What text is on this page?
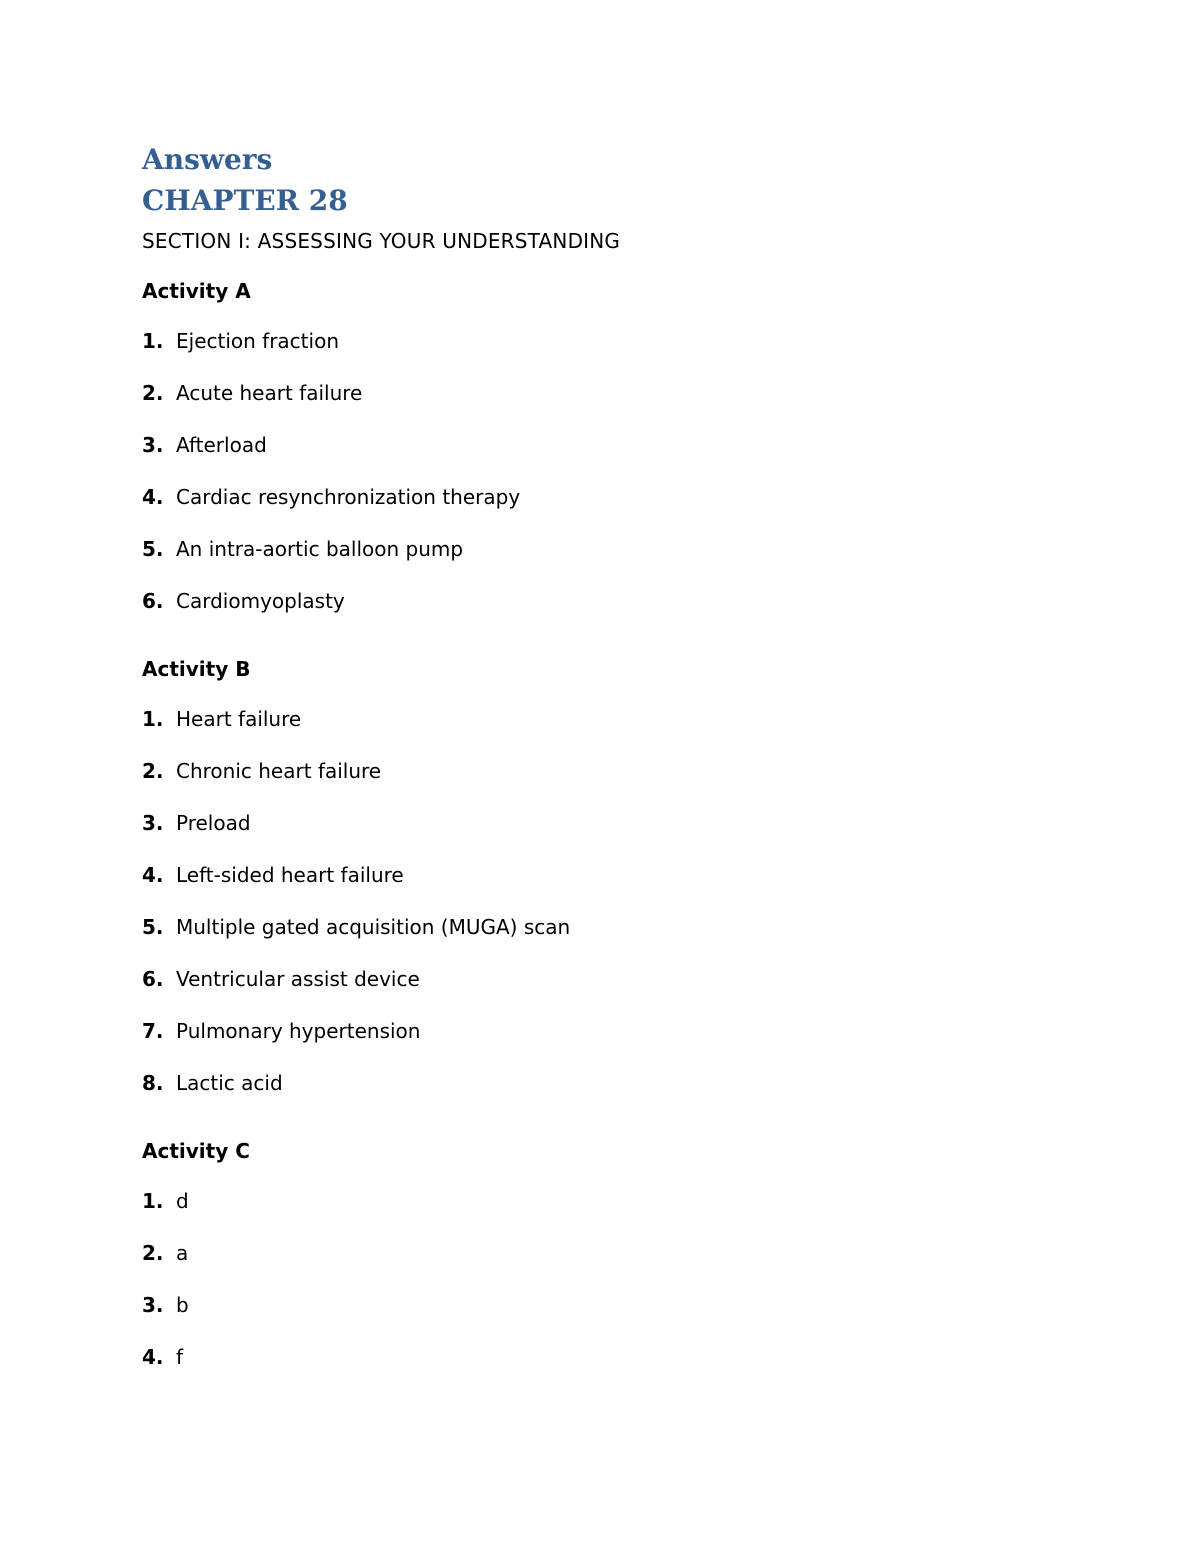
Answers
CHAPTER 28
SECTION I: ASSESSING YOUR UNDERSTANDING
Activity A
1. Ejection fraction
2. Acute heart failure
3. Afterload
4. Cardiac resynchronization therapy
5. An intra-aortic balloon pump
6. Cardiomyoplasty
Activity B
1. Heart failure
2. Chronic heart failure
3. Preload
4. Left-sided heart failure
5. Multiple gated acquisition (MUGA) scan
6. Ventricular assist device
7. Pulmonary hypertension
8. Lactic acid
Activity C
1. d
2. a
3. b
4. f
